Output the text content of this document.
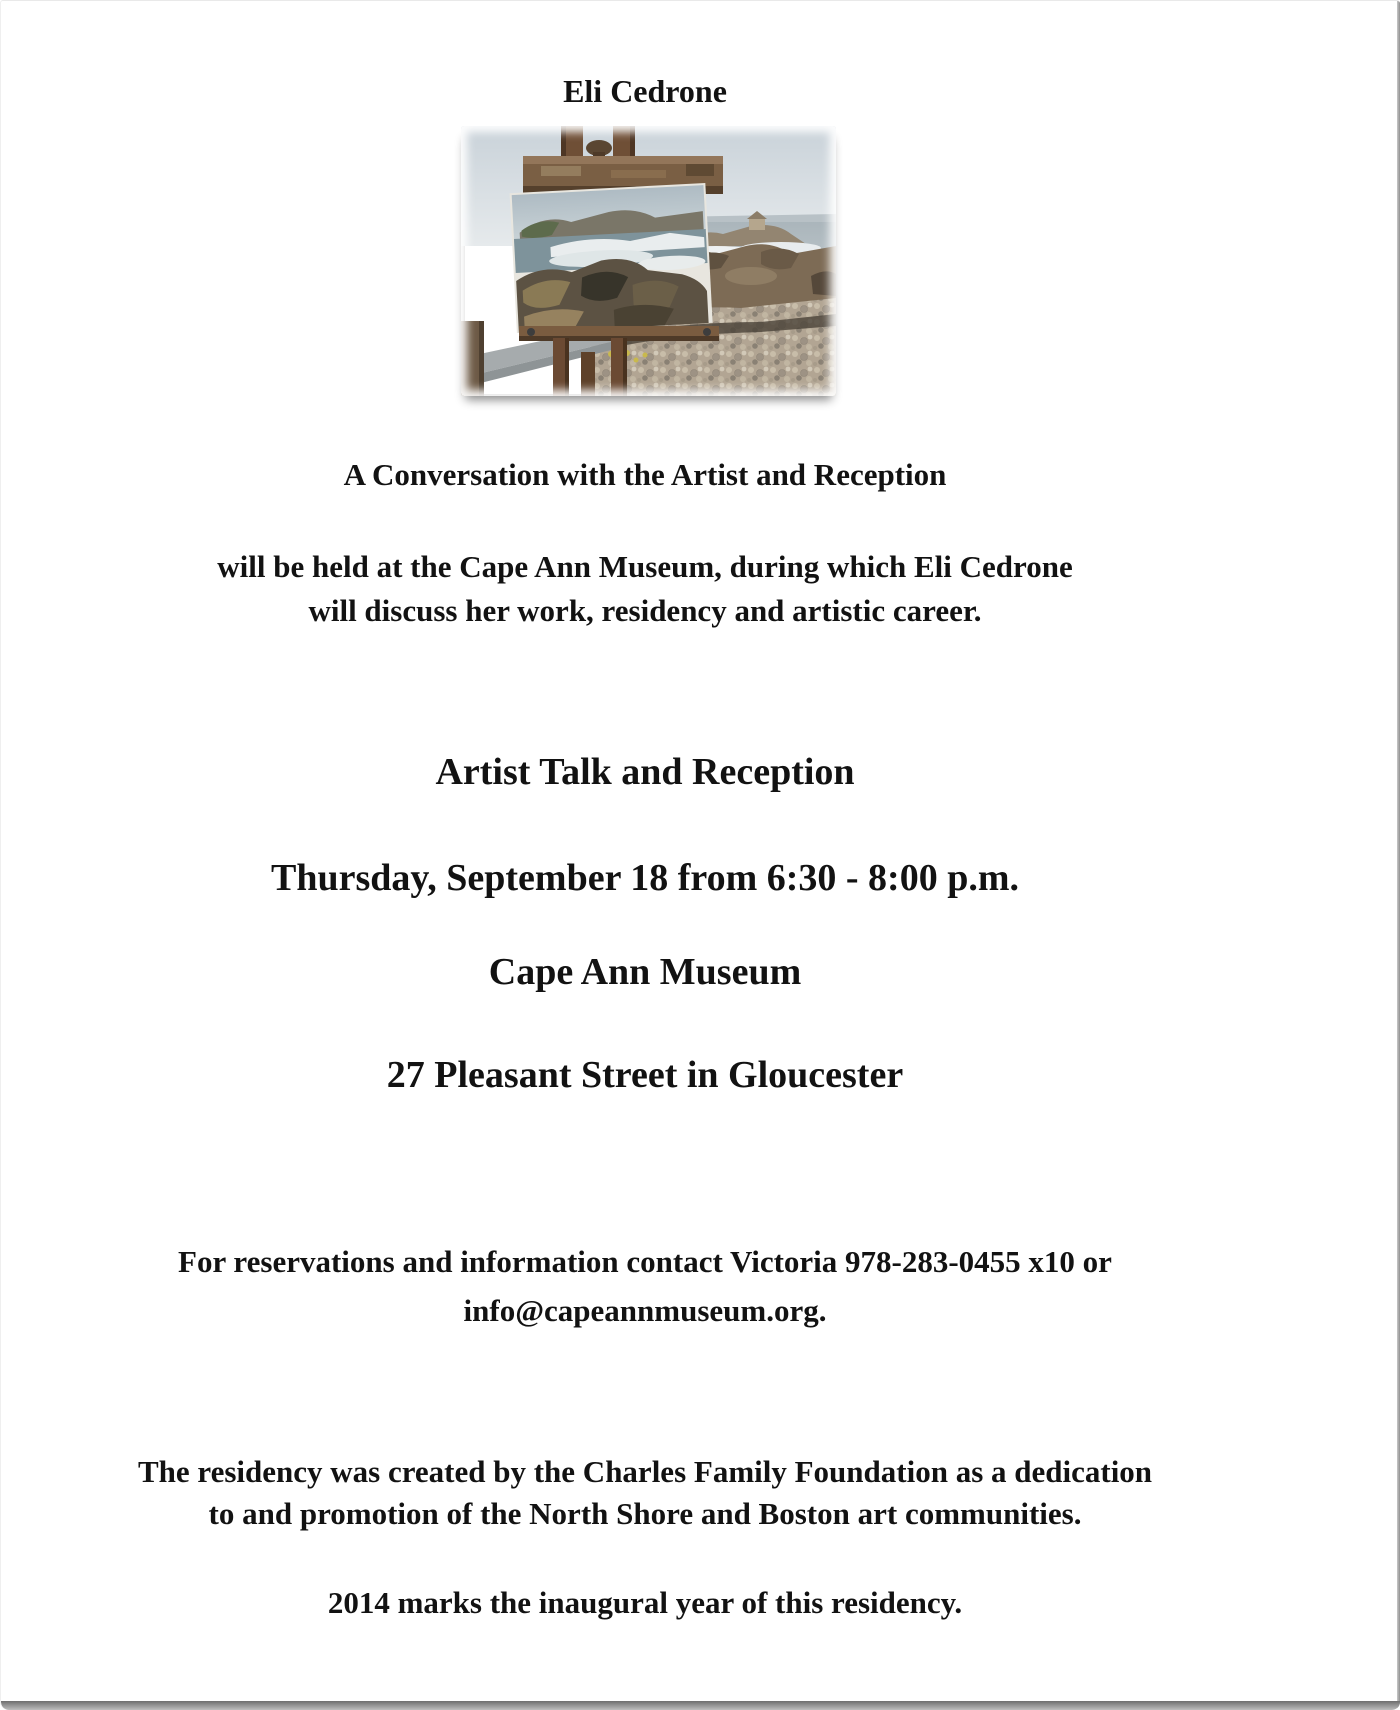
Eli Cedrone
A Conversation with the Artist and Reception
will be held at the Cape Ann Museum, during which Eli Cedrone
will discuss her work, residency and artistic career.
Artist Talk and Reception
Thursday, September 18 from 6:30 - 8:00 p.m.
Cape Ann Museum
27 Pleasant Street in Gloucester
For reservations and information contact Victoria 978-283-0455 x10 or
info@capeannmuseum.org.
The residency was created by the Charles Family Foundation as a dedication
to and promotion of the North Shore and Boston art communities.
2014 marks the inaugural year of this residency.
